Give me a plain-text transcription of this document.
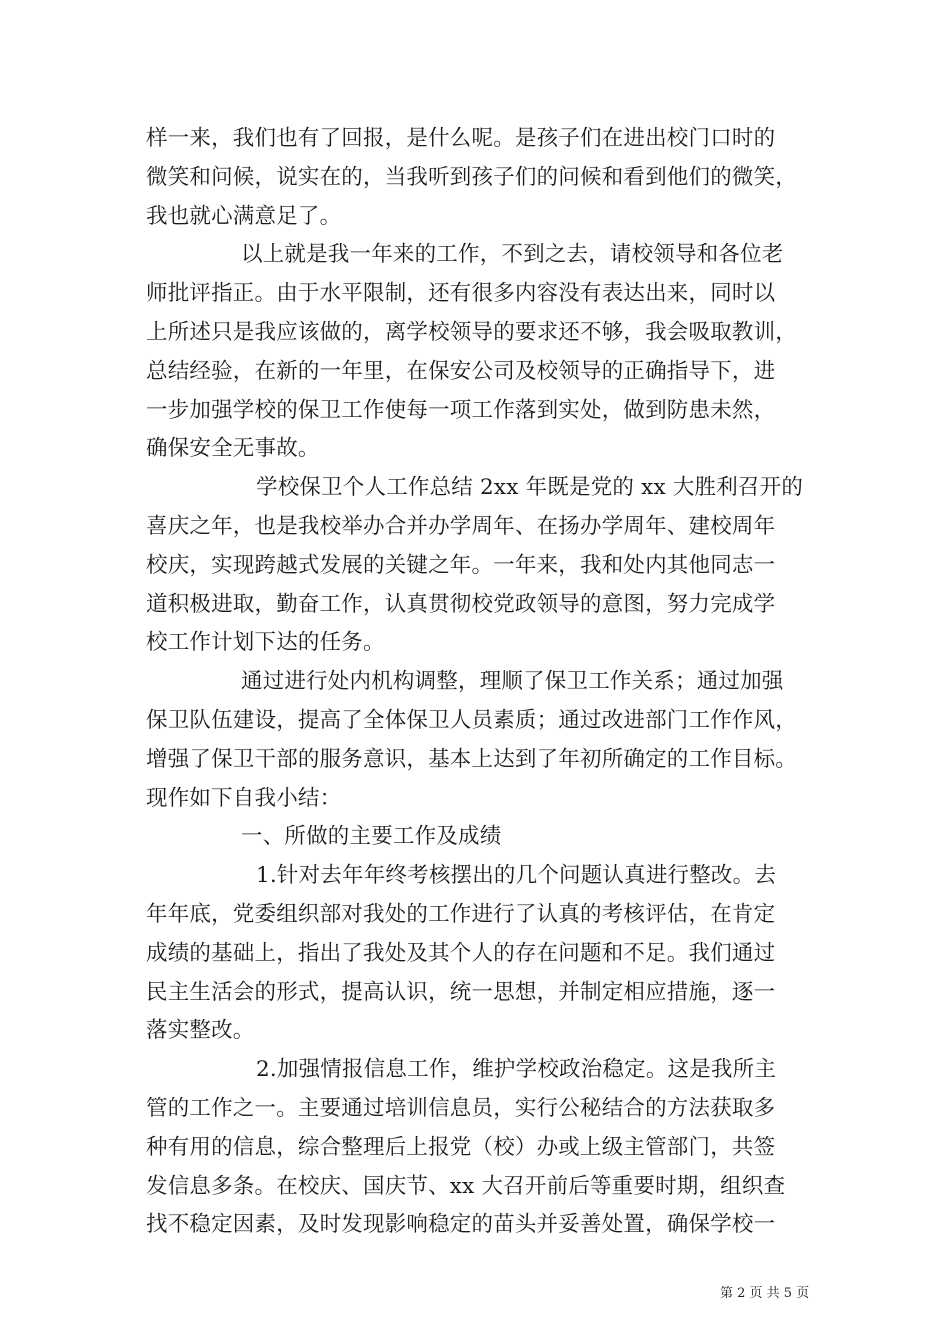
样一来，我们也有了回报，是什么呢。是孩子们在进出校门口时的
微笑和问候，说实在的，当我听到孩子们的问候和看到他们的微笑，
我也就心满意足了。
以上就是我一年来的工作，不到之去，请校领导和各位老
师批评指正。由于水平限制，还有很多内容没有表达出来，同时以
上所述只是我应该做的，离学校领导的要求还不够，我会吸取教训，
总结经验，在新的一年里，在保安公司及校领导的正确指导下，进
一步加强学校的保卫工作使每一项工作落到实处，做到防患未然，
确保安全无事故。
学校保卫个人工作总结 2xx 年既是党的 xx 大胜利召开的
喜庆之年，也是我校举办合并办学周年、在扬办学周年、建校周年
校庆，实现跨越式发展的关键之年。一年来，我和处内其他同志一
道积极进取，勤奋工作，认真贯彻校党政领导的意图，努力完成学
校工作计划下达的任务。
通过进行处内机构调整，理顺了保卫工作关系；通过加强
保卫队伍建设，提高了全体保卫人员素质；通过改进部门工作作风，
增强了保卫干部的服务意识，基本上达到了年初所确定的工作目标。
现作如下自我小结：
一、所做的主要工作及成绩
1.针对去年年终考核摆出的几个问题认真进行整改。去
年年底，党委组织部对我处的工作进行了认真的考核评估，在肯定
成绩的基础上，指出了我处及其个人的存在问题和不足。我们通过
民主生活会的形式，提高认识，统一思想，并制定相应措施，逐一
落实整改。
2.加强情报信息工作，维护学校政治稳定。这是我所主
管的工作之一。主要通过培训信息员，实行公秘结合的方法获取多
种有用的信息，综合整理后上报党（校）办或上级主管部门，共签
发信息多条。在校庆、国庆节、xx 大召开前后等重要时期，组织查
找不稳定因素，及时发现影响稳定的苗头并妥善处置，确保学校一
第 2 页 共 5 页
